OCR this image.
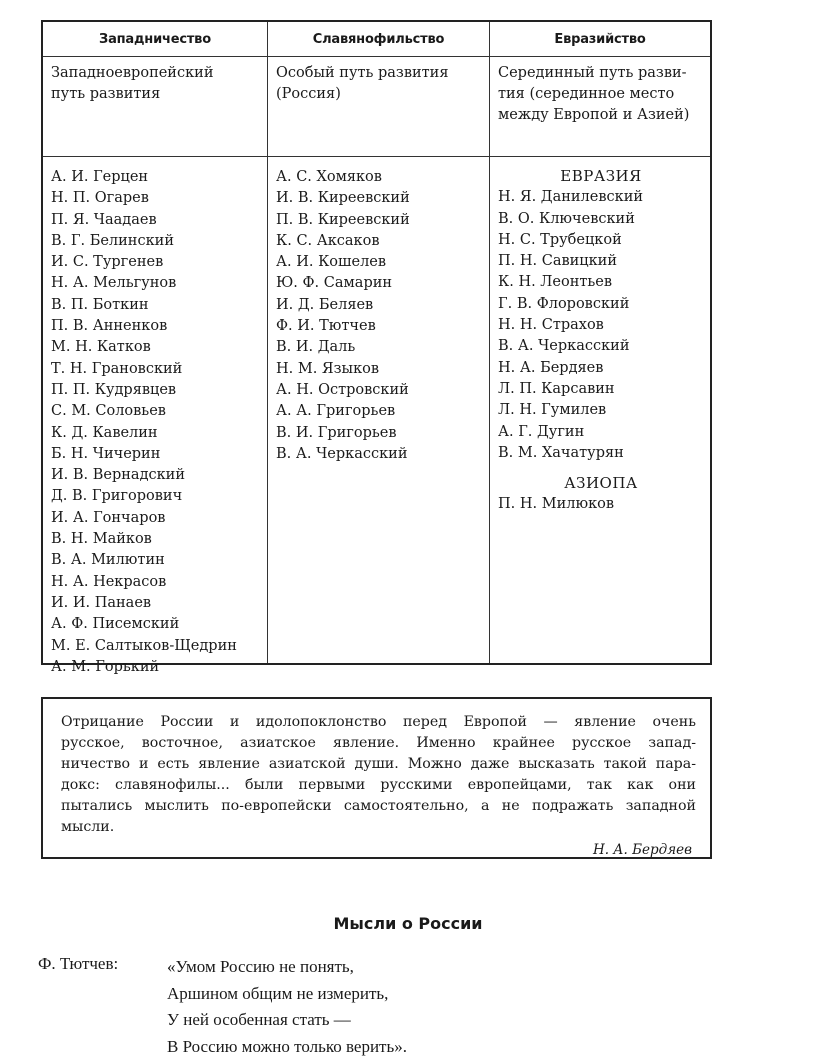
Западничество
Западноевропейский
путь развития
А. И. Герцен
Н. П. Огарев
П. Я. Чаадаев
В. Г. Белинский
И. С. Тургенев
Н. А. Мельгунов
В. П. Боткин
П. В. Анненков
М. Н. Катков
Т. Н. Грановский
П. П. Кудрявцев
С. М. Соловьев
К. Д. Кавелин
Б. Н. Чичерин
И. В. Вернадский
Д. В. Григорович
И. А. Гончаров
В. Н. Майков
В. А. Милютин
Н. А. Некрасов
И. И. Панаев
А. Ф. Писемский
М. Е. Салтыков-Щедрин
А. М. Горький
Славянофильство
Особый путь развития
(Россия)
А. С. Хомяков
И. В. Киреевский
П. В. Киреевский
К. С. Аксаков
А. И. Кошелев
Ю. Ф. Самарин
И. Д. Беляев
Ф. И. Тютчев
В. И. Даль
Н. М. Языков
А. Н. Островский
А. А. Григорьев
В. И. Григорьев
В. А. Черкасский
Евразийство
Серединный путь разви-
тия (серединное место
между Европой и Азией)
ЕВРАЗИЯ
Н. Я. Данилевский
В. О. Ключевский
Н. С. Трубецкой
П. Н. Савицкий
К. Н. Леонтьев
Г. В. Флоровский
Н. Н. Страхов
В. А. Черкасский
Н. А. Бердяев
Л. П. Карсавин
Л. Н. Гумилев
А. Г. Дугин
В. М. Хачатурян
АЗИОПА
П. Н. Милюков
Отрицание России и идолопоклонство перед Европой — явление очень
русское, восточное, азиатское явление. Именно крайнее русское запад-
ничество и есть явление азиатской души. Можно даже высказать такой пара-
докс: славянофилы... были первыми русскими европейцами, так как они
пытались мыслить по-европейски самостоятельно, а не подражать западной
мысли.
Н. А. Бердяев
Мысли о России
Ф. Тютчев:	«Умом Россию не понять,
Аршином общим не измерить,
У ней особенная стать —
В Россию можно только верить».
